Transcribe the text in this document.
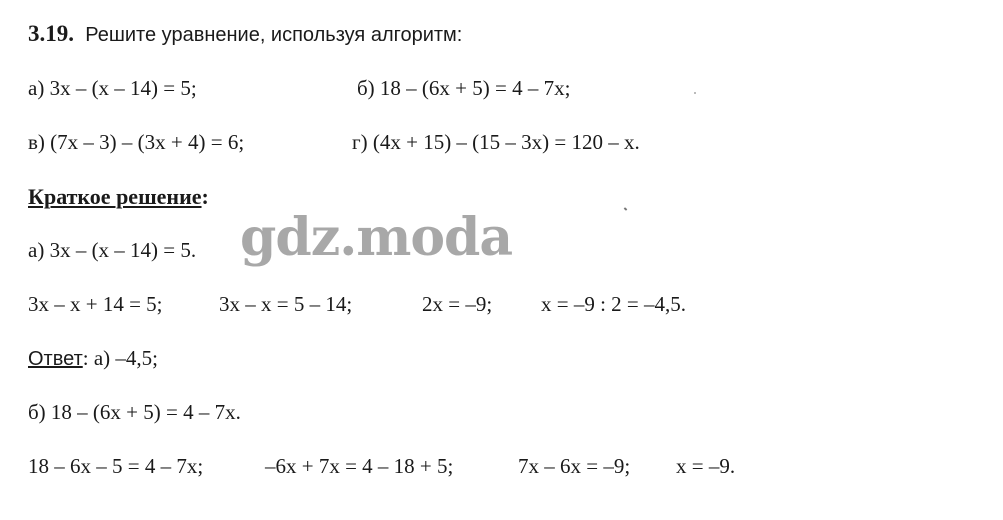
3.19. Решите уравнение, используя алгоритм:
а) 3x – (x – 14) = 5;	б) 18 – (6x + 5) = 4 – 7x;
в) (7x – 3) – (3x + 4) = 6;	г) (4x + 15) – (15 – 3x) = 120 – x.
Краткое решение:
а) 3x – (x – 14) = 5.
3x – x + 14 = 5;	3x – x = 5 – 14;	2x = –9; x = –9 : 2 = –4,5.
Ответ: а) –4,5;
б) 18 – (6x + 5) = 4 – 7x.
18 – 6x – 5 = 4 – 7x;	–6x + 7x = 4 – 18 + 5;	7x – 6x = –9; x = –9.
gdz.moda
